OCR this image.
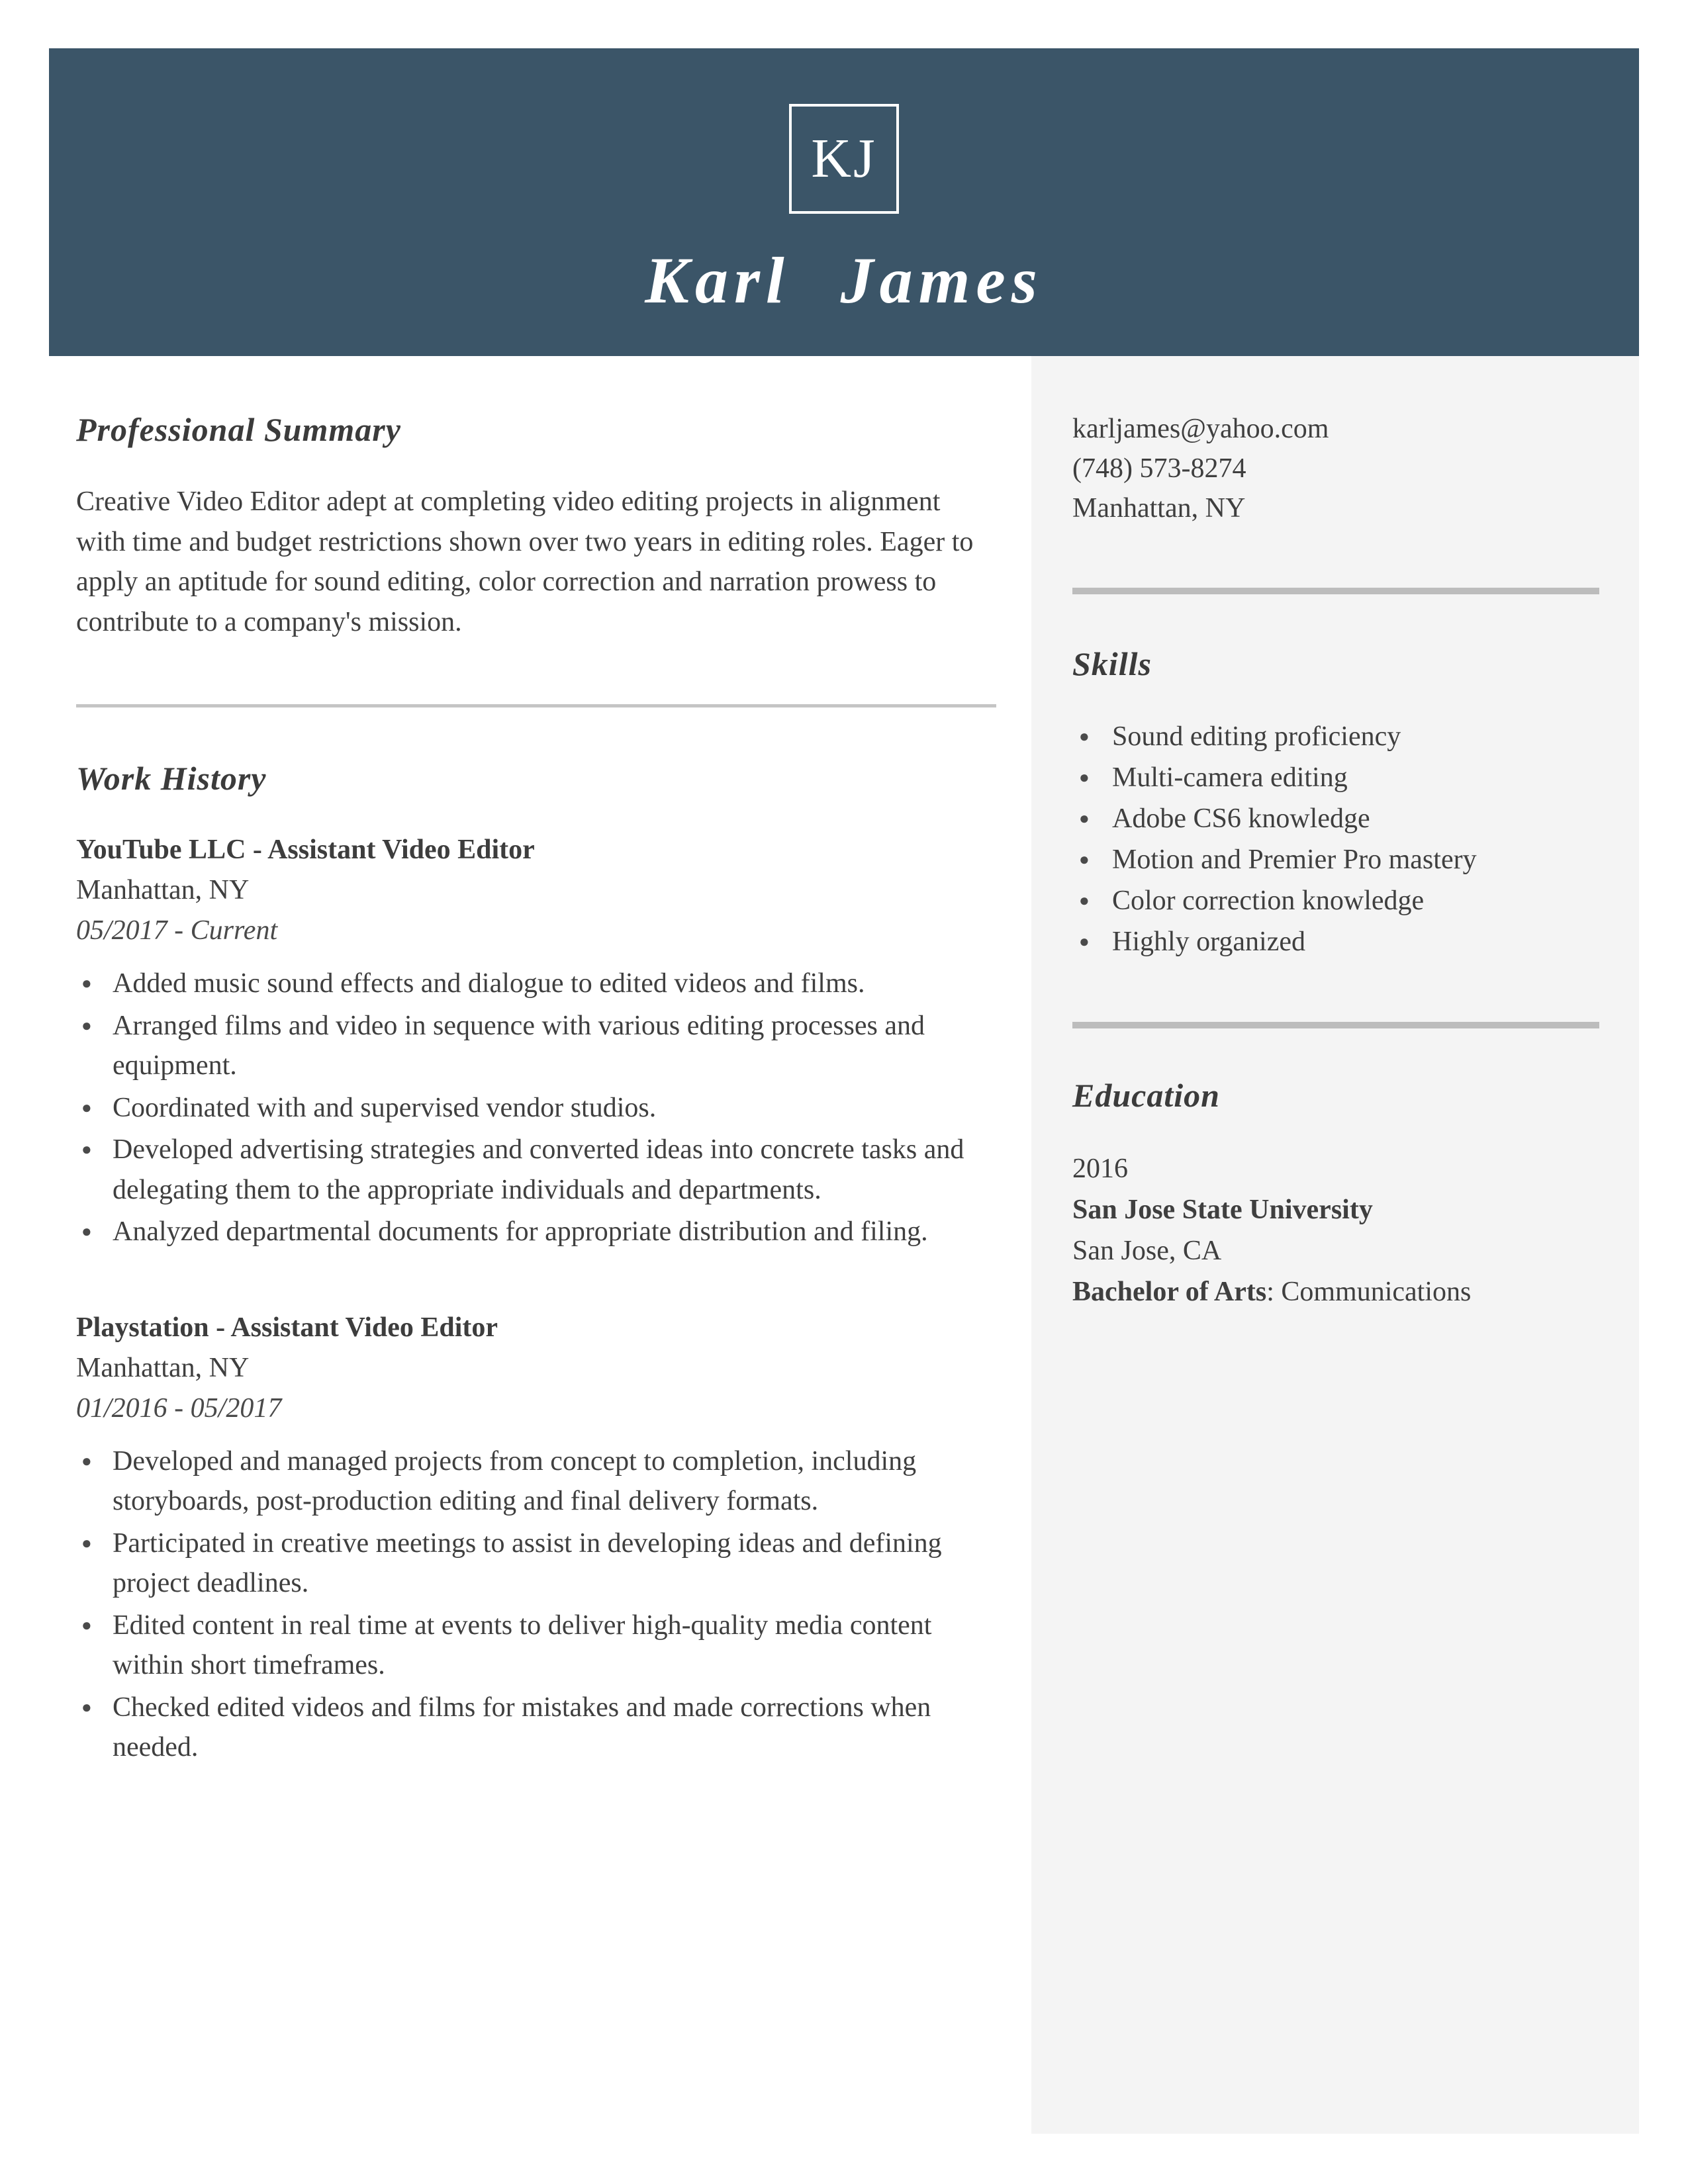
KJ
Karl James
karljames@yahoo.com
(748) 573-8274
Manhattan, NY
Skills
● Sound editing proficiency
● Multi-camera editing
● Adobe CS6 knowledge
● Motion and Premier Pro mastery
● Color correction knowledge
● Highly organized
Education
2016
San Jose State University
San Jose, CA
Bachelor of Arts: Communications
Professional Summary

Creative Video Editor adept at completing video editing projects in alignment with time and budget restrictions shown over two years in editing roles. Eager to apply an aptitude for sound editing, color correction and narration prowess to contribute to a company's mission.

Work History
YouTube LLC - Assistant Video Editor
Manhattan, NY
05/2017 - Current
● Added music sound effects and dialogue to edited videos and films.
● Arranged films and video in sequence with various editing processes and equipment.
● Coordinated with and supervised vendor studios.
● Developed advertising strategies and converted ideas into concrete tasks and delegating them to the appropriate individuals and departments.
● Analyzed departmental documents for appropriate distribution and filing.
Playstation - Assistant Video Editor
Manhattan, NY
01/2016 - 05/2017
● Developed and managed projects from concept to completion, including storyboards, post-production editing and final delivery formats.
● Participated in creative meetings to assist in developing ideas and defining project deadlines.
● Edited content in real time at events to deliver high-quality media content within short timeframes.
● Checked edited videos and films for mistakes and made corrections when needed.
